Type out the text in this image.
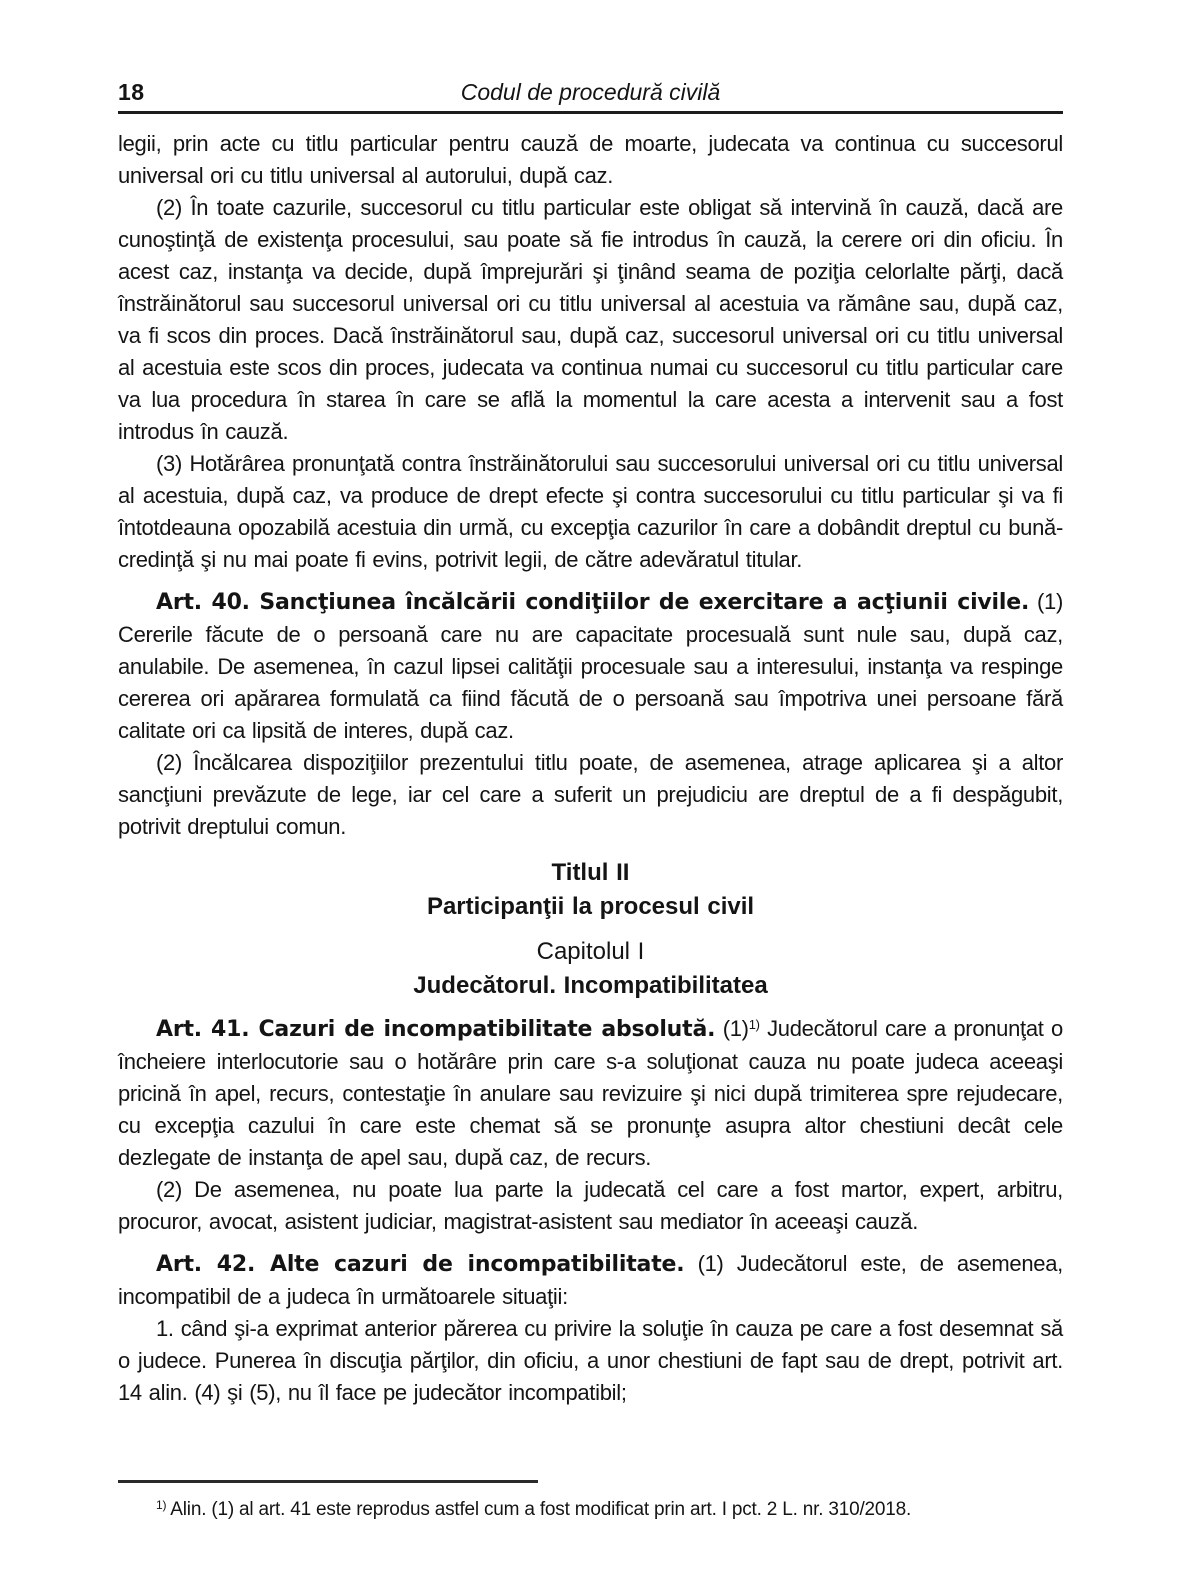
18	Codul de procedură civilă

legii, prin acte cu titlu particular pentru cauză de moarte, judecata va continua cu succesorul universal ori cu titlu universal al autorului, după caz.

(2) În toate cazurile, succesorul cu titlu particular este obligat să intervină în cauză, dacă are cunoştinţă de existenţa procesului, sau poate să fie introdus în cauză, la cerere ori din oficiu. În acest caz, instanţa va decide, după împrejurări şi ţinând seama de poziţia celorlalte părţi, dacă înstrăinătorul sau succesorul universal ori cu titlu universal al acestuia va rămâne sau, după caz, va fi scos din proces. Dacă înstrăinătorul sau, după caz, succesorul universal ori cu titlu universal al acestuia este scos din proces, judecata va continua numai cu succesorul cu titlu particular care va lua procedura în starea în care se află la momentul la care acesta a intervenit sau a fost introdus în cauză.

(3) Hotărârea pronunţată contra înstrăinătorului sau succesorului universal ori cu titlu universal al acestuia, după caz, va produce de drept efecte şi contra succesorului cu titlu particular şi va fi întotdeauna opozabilă acestuia din urmă, cu excepţia cazurilor în care a dobândit dreptul cu bună-credinţă şi nu mai poate fi evins, potrivit legii, de către adevăratul titular.

Art. 40. Sancţiunea încălcării condiţiilor de exercitare a acţiunii civile. (1) Cererile făcute de o persoană care nu are capacitate procesuală sunt nule sau, după caz, anulabile. De asemenea, în cazul lipsei calităţii procesuale sau a interesului, instanţa va respinge cererea ori apărarea formulată ca fiind făcută de o persoană sau împotriva unei persoane fără calitate ori ca lipsită de interes, după caz.

(2) Încălcarea dispoziţiilor prezentului titlu poate, de asemenea, atrage aplicarea şi a altor sancţiuni prevăzute de lege, iar cel care a suferit un prejudiciu are dreptul de a fi despăgubit, potrivit dreptului comun.

Titlul II

Participanţii la procesul civil

Capitolul I

Judecătorul. Incompatibilitatea

Art. 41. Cazuri de incompatibilitate absolută. $(1)^{1)}$ Judecătorul care a pronunţat o încheiere interlocutorie sau o hotărâre prin care s-a soluţionat cauza nu poate judeca aceeaşi pricină în apel, recurs, contestaţie în anulare sau revizuire şi nici după trimiterea spre rejudecare, cu excepţia cazului în care este chemat să se pronunţe asupra altor chestiuni decât cele dezlegate de instanţa de apel sau, după caz, de recurs.

(2) De asemenea, nu poate lua parte la judecată cel care a fost martor, expert, arbitru, procuror, avocat, asistent judiciar, magistrat-asistent sau mediator în aceeaşi cauză.

Art. 42. Alte cazuri de incompatibilitate. (1) Judecătorul este, de asemenea, incompatibil de a judeca în următoarele situaţii:

1. când şi-a exprimat anterior părerea cu privire la soluţie în cauza pe care a fost desemnat să o judece. Punerea în discuţia părţilor, din oficiu, a unor chestiuni de fapt sau de drept, potrivit art. 14 alin. (4) şi (5), nu îl face pe judecător incompatibil;

$^{1)}$ Alin. (1) al art. 41 este reprodus astfel cum a fost modificat prin art. I pct. 2 L. nr. 310/2018.
